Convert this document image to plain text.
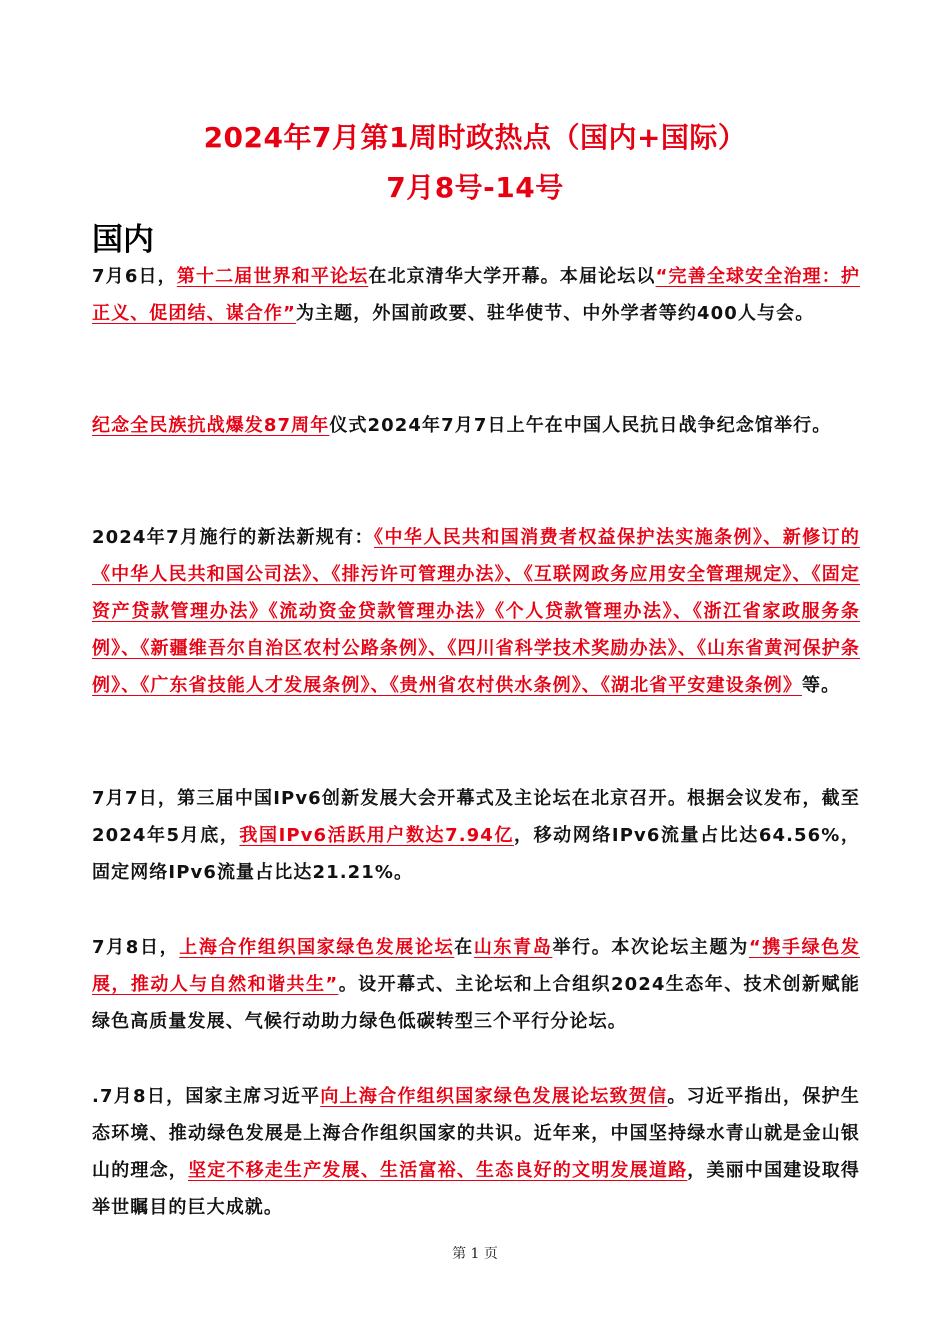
2024年7月第1周时政热点（国内+国际）
7月8号-14号
国内

7月6日，第十二届世界和平论坛在北京清华大学开幕。本届论坛以“完善全球安全治理：护正义、促团结、谋合作”为主题，外国前政要、驻华使节、中外学者等约400人与会。

纪念全民族抗战爆发87周年仪式2024年7月7日上午在中国人民抗日战争纪念馆举行。

2024年7月施行的新法新规有：《中华人民共和国消费者权益保护法实施条例》、新修订的《中华人民共和国公司法》、《排污许可管理办法》、《互联网政务应用安全管理规定》、《固定资产贷款管理办法》《流动资金贷款管理办法》《个人贷款管理办法》、《浙江省家政服务条例》、《新疆维吾尔自治区农村公路条例》、《四川省科学技术奖励办法》、《山东省黄河保护条例》、《广东省技能人才发展条例》、《贵州省农村供水条例》、《湖北省平安建设条例》等。

7月7日，第三届中国IPv6创新发展大会开幕式及主论坛在北京召开。根据会议发布，截至2024年5月底，我国IPv6活跃用户数达7.94亿，移动网络IPv6流量占比达64.56%，固定网络IPv6流量占比达21.21%。

7月8日，上海合作组织国家绿色发展论坛在山东青岛举行。本次论坛主题为“携手绿色发展，推动人与自然和谐共生”。设开幕式、主论坛和上合组织2024生态年、技术创新赋能绿色高质量发展、气候行动助力绿色低碳转型三个平行分论坛。

.7月8日，国家主席习近平向上海合作组织国家绿色发展论坛致贺信。习近平指出，保护生态环境、推动绿色发展是上海合作组织国家的共识。近年来，中国坚持绿水青山就是金山银山的理念，坚定不移走生产发展、生活富裕、生态良好的文明发展道路，美丽中国建设取得举世瞩目的巨大成就。

第 1 页
